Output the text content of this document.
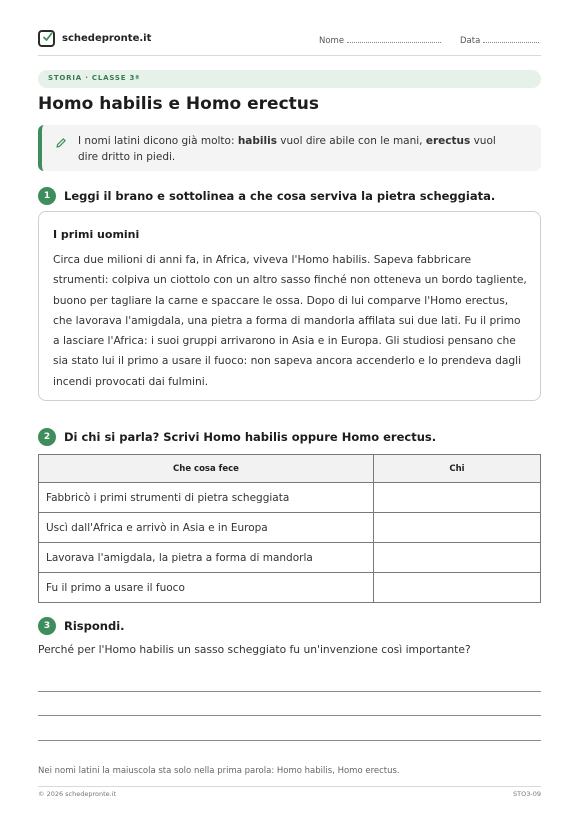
schedepronte.it	Nome	Data
STORIA · CLASSE 3ª
Homo habilis e Homo erectus

I nomi latini dicono già molto: habilis vuol dire abile con le mani, erectus vuol dire dritto in piedi.

1	Leggi il brano e sottolinea a che cosa serviva la pietra scheggiata.
I primi uomini

Circa due milioni di anni fa, in Africa, viveva l'Homo habilis. Sapeva fabbricare strumenti: colpiva un ciottolo con un altro sasso finché non otteneva un bordo tagliente, buono per tagliare la carne e spaccare le ossa. Dopo di lui comparve l'Homo erectus, che lavorava l'amigdala, una pietra a forma di mandorla affilata sui due lati. Fu il primo a lasciare l'Africa: i suoi gruppi arrivarono in Asia e in Europa. Gli studiosi pensano che sia stato lui il primo a usare il fuoco: non sapeva ancora accenderlo e lo prendeva dagli incendi provocati dai fulmini.

2	Di chi si parla? Scrivi Homo habilis oppure Homo erectus.
Che cosa fece	Chi
Fabbricò i primi strumenti di pietra scheggiata	
Uscì dall'Africa e arrivò in Asia e in Europa	
Lavorava l'amigdala, la pietra a forma di mandorla	
Fu il primo a usare il fuoco	
3	Rispondi.
Perché per l'Homo habilis un sasso scheggiato fu un'invenzione così importante?
Nei nomi latini la maiuscola sta solo nella prima parola: Homo habilis, Homo erectus.
© 2026 schedepronte.it	STO3-09
